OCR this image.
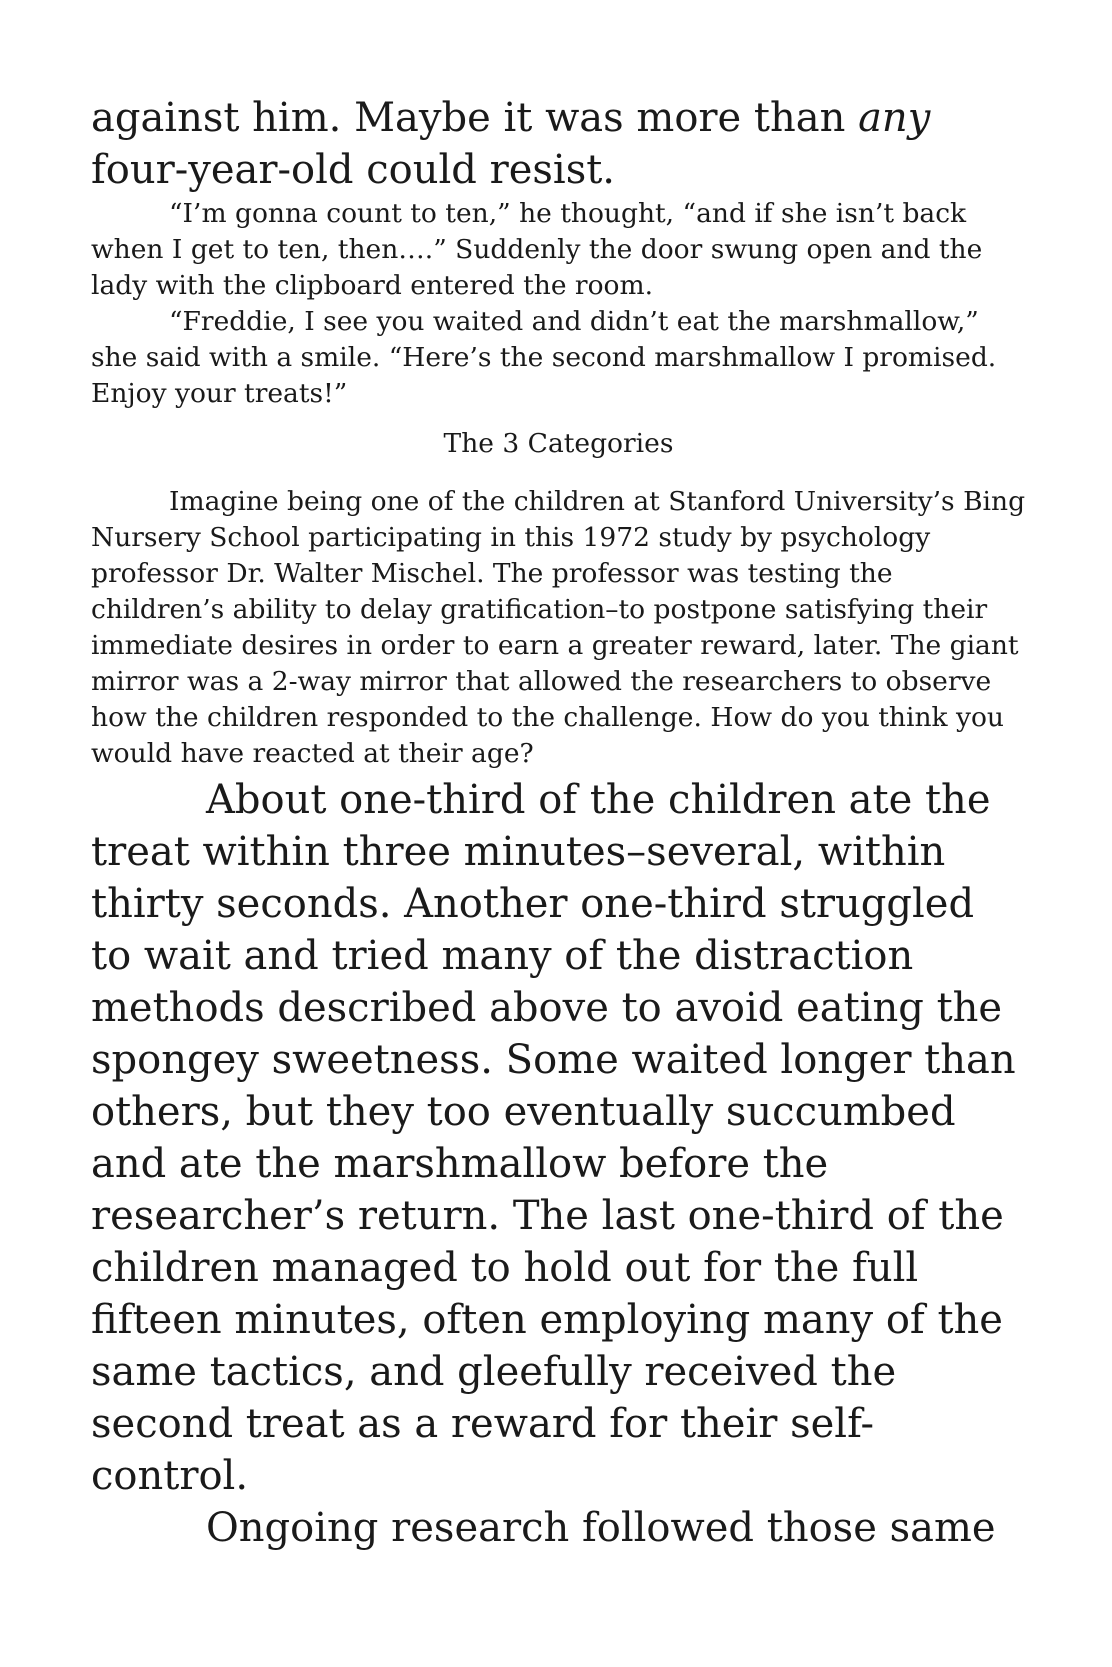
against him. Maybe it was more than any four-year-old could resist.

“I’m gonna count to ten,” he thought, “and if she isn’t back when I get to ten, then….” Suddenly the door swung open and the lady with the clipboard entered the room.

“Freddie, I see you waited and didn’t eat the marshmallow,” she said with a smile. “Here’s the second marshmallow I promised. Enjoy your treats!”

The 3 Categories

Imagine being one of the children at Stanford University’s Bing Nursery School participating in this 1972 study by psychology professor Dr. Walter Mischel. The professor was testing the children’s ability to delay gratification–to postpone satisfying their immediate desires in order to earn a greater reward, later. The giant mirror was a 2-way mirror that allowed the researchers to observe how the children responded to the challenge. How do you think you would have reacted at their age?

About one-third of the children ate the treat within three minutes–several, within thirty seconds. Another one-third struggled to wait and tried many of the distraction methods described above to avoid eating the spongey sweetness. Some waited longer than others, but they too eventually succumbed and ate the marshmallow before the researcher’s return. The last one-third of the children managed to hold out for the full fifteen minutes, often employing many of the same tactics, and gleefully received the second treat as a reward for their self-control.

Ongoing research followed those same
